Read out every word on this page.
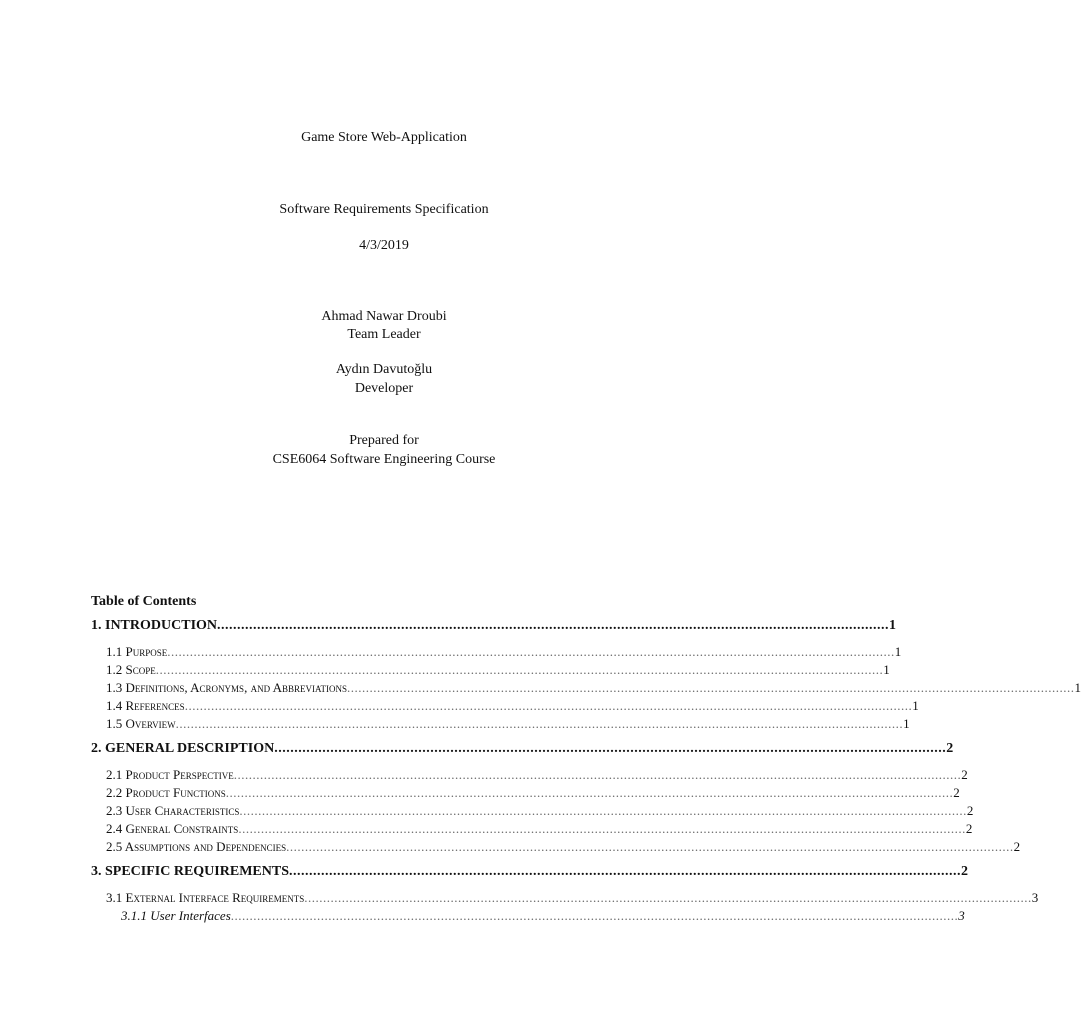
Game Store Web-Application
Software Requirements Specification
4/3/2019
Ahmad Nawar Droubi
Team Leader
Aydın Davutoğlu
Developer
Prepared for
CSE6064 Software Engineering Course
Table of Contents
1. INTRODUCTION ........................................................................................................................................................................ 1
1.1 Purpose .................................................................................................................................................................................................. 1
1.2 Scope .................................................................................................................................................................................................. 1
1.3 Definitions, Acronyms, and Abbreviations .................................................................................................................................................................................................. 1
1.4 References .................................................................................................................................................................................................. 1
1.5 Overview .................................................................................................................................................................................................. 1
2. GENERAL DESCRIPTION ........................................................................................................................................................................ 2
2.1 Product Perspective .................................................................................................................................................................................................. 2
2.2 Product Functions .................................................................................................................................................................................................. 2
2.3 User Characteristics .................................................................................................................................................................................................. 2
2.4 General Constraints .................................................................................................................................................................................................. 2
2.5 Assumptions and Dependencies .................................................................................................................................................................................................. 2
3. SPECIFIC REQUIREMENTS ........................................................................................................................................................................ 2
3.1 External Interface Requirements .................................................................................................................................................................................................. 3
3.1.1 User Interfaces .................................................................................................................................................................................................. 3
